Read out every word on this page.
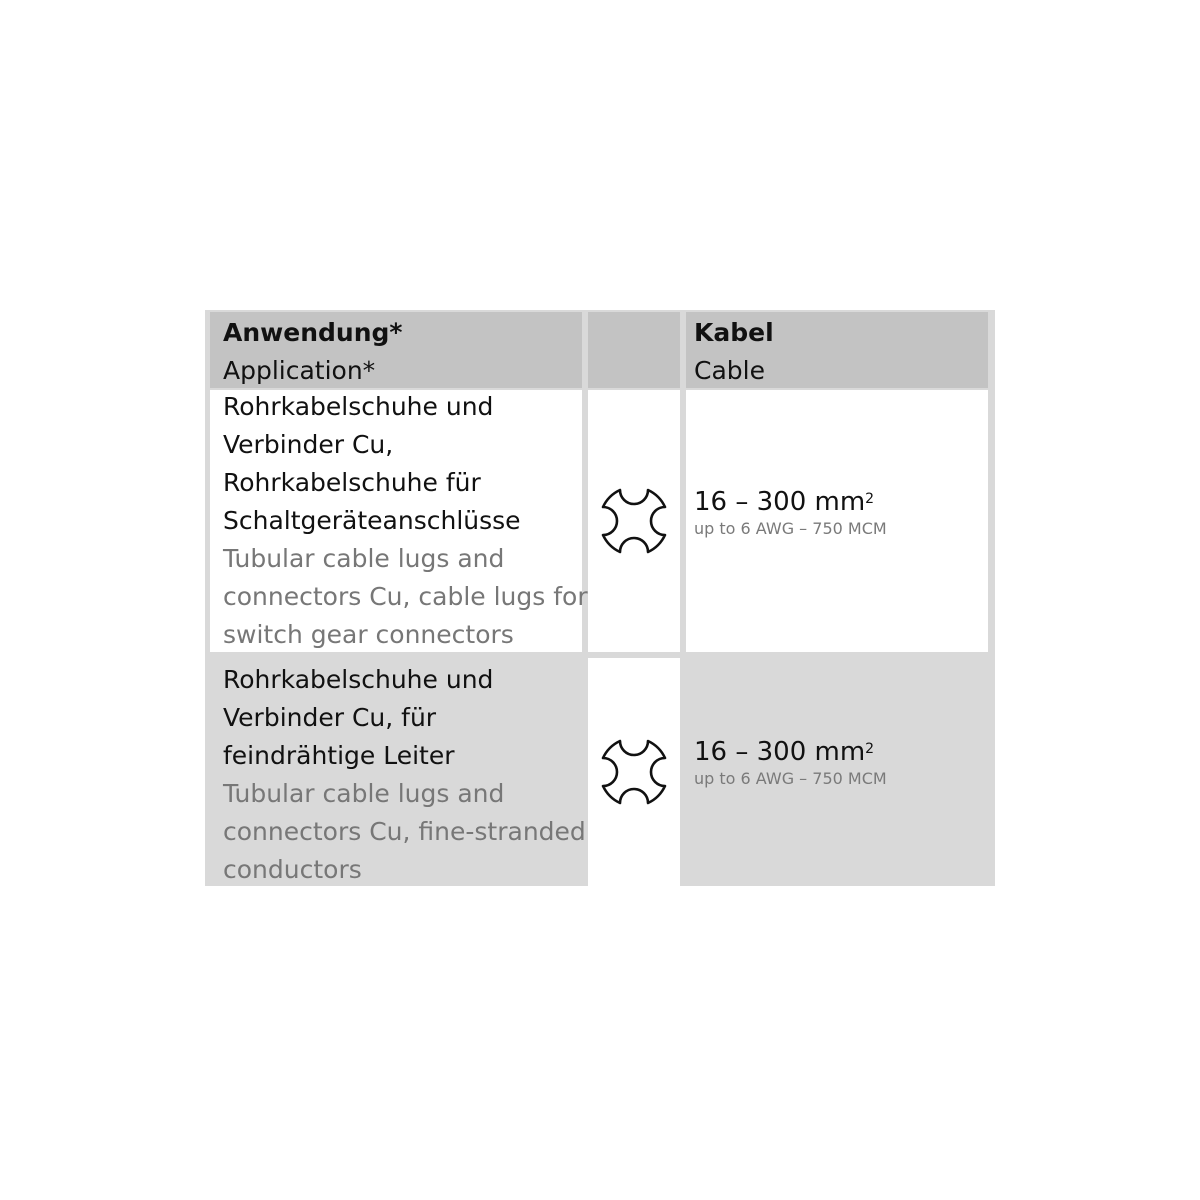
Anwendung*
Application*
Kabel
Cable
Rohrkabelschuhe und
Verbinder Cu,
Rohrkabelschuhe für
Schaltgeräteanschlüsse
Tubular cable lugs and
connectors Cu, cable lugs for
switch gear connectors
16 – 300 $mm^2$
up to 6 AWG – 750 MCM
Rohrkabelschuhe und
Verbinder Cu, für
feindrähtige Leiter
Tubular cable lugs and
connectors Cu, fine-stranded
conductors
16 – 300 $mm^2$
up to 6 AWG – 750 MCM
